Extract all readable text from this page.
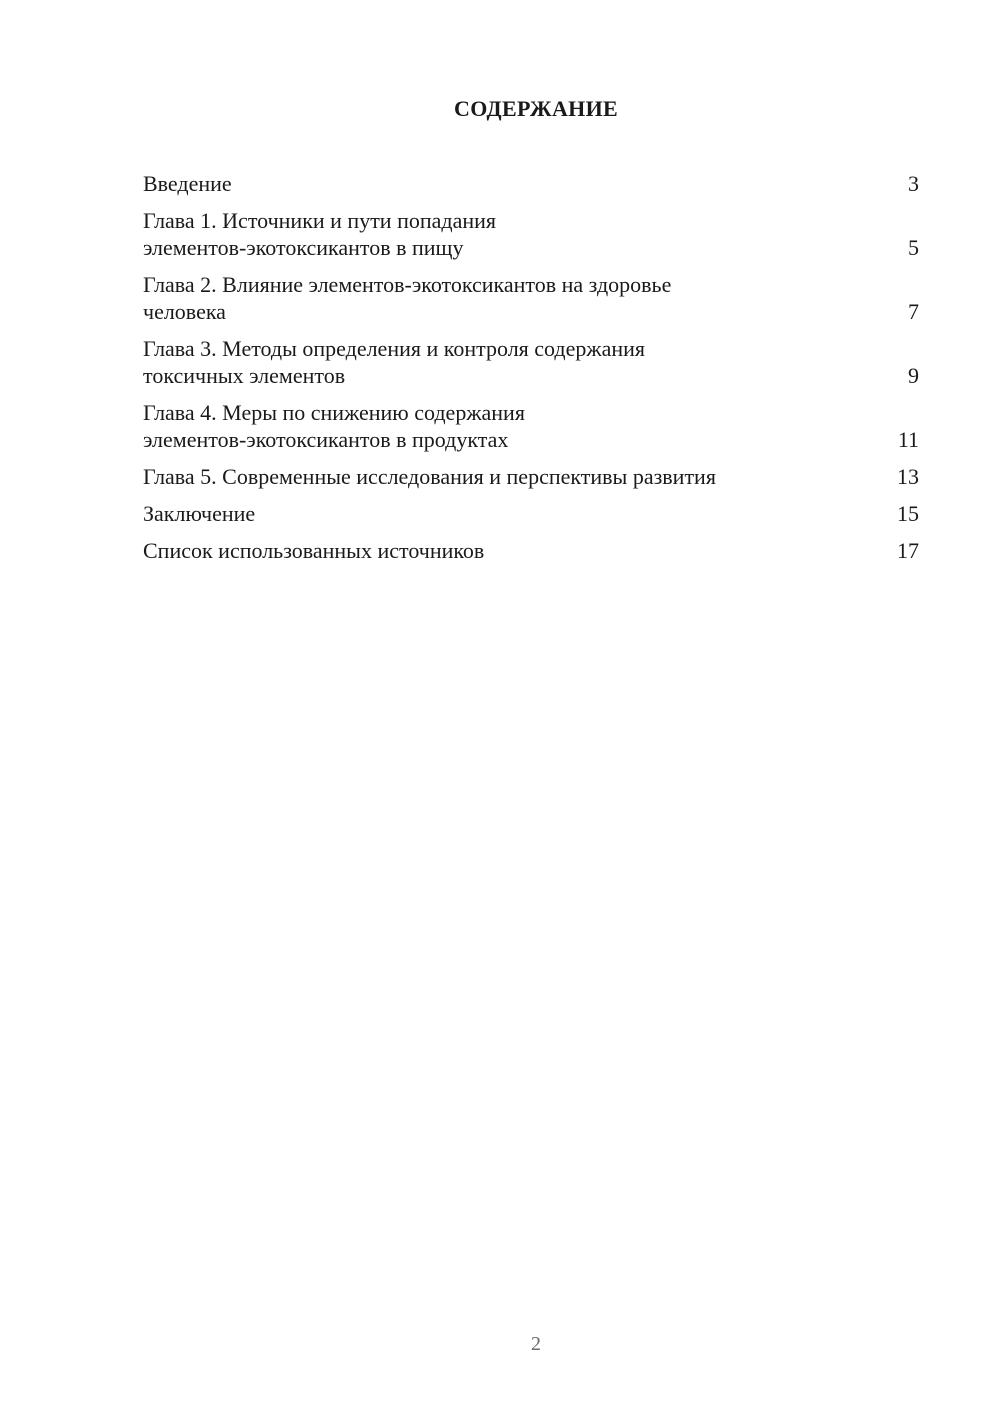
СОДЕРЖАНИЕ
Введение	3
Глава 1. Источники и пути попадания
элементов-экотоксикантов в пищу	5
Глава 2. Влияние элементов-экотоксикантов на здоровье
человека	7
Глава 3. Методы определения и контроля содержания
токсичных элементов	9
Глава 4. Меры по снижению содержания
элементов-экотоксикантов в продуктах	11
Глава 5. Современные исследования и перспективы развития	13
Заключение	15
Список использованных источников	17
2
